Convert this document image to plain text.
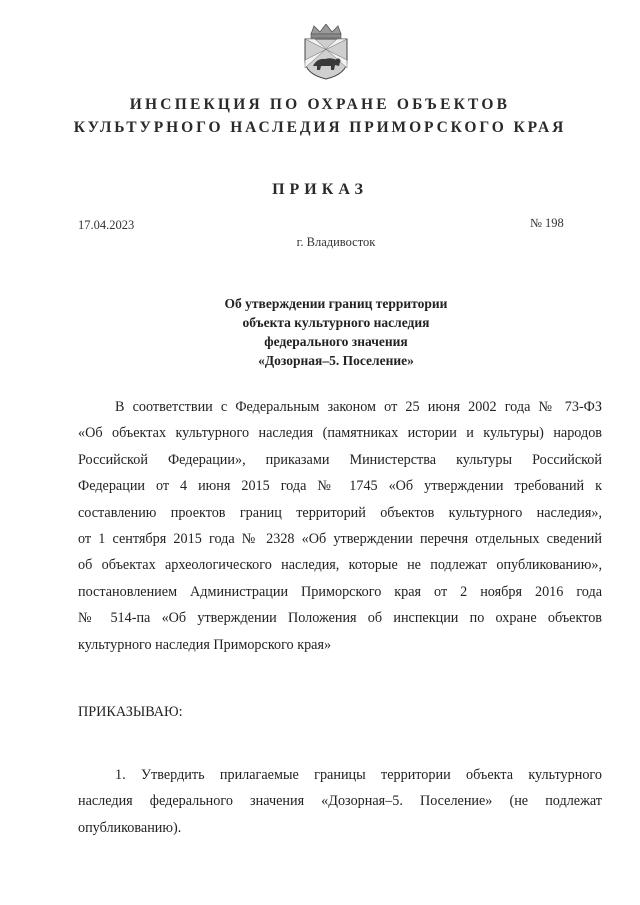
ИНСПЕКЦИЯ ПО ОХРАНЕ ОБЪЕКТОВ
КУЛЬТУРНОГО НАСЛЕДИЯ ПРИМОРСКОГО КРАЯ
ПРИКАЗ
17.04.2023	№ 198
г. Владивосток
Об утверждении границ территории
объекта культурного наследия
федерального значения
«Дозорная–5. Поселение»
В соответствии с Федеральным законом от 25 июня 2002 года № 73-ФЗ
«Об объектах культурного наследия (памятниках истории и культуры) народов
Российской Федерации», приказами Министерства культуры Российской
Федерации от 4 июня 2015 года № 1745 «Об утверждении требований к
составлению проектов границ территорий объектов культурного наследия»,
от 1 сентября 2015 года № 2328 «Об утверждении перечня отдельных сведений
об объектах археологического наследия, которые не подлежат опубликованию»,
постановлением Администрации Приморского края от 2 ноября 2016 года
№ 514-па «Об утверждении Положения об инспекции по охране объектов
культурного наследия Приморского края»
ПРИКАЗЫВАЮ:
1. Утвердить прилагаемые границы территории объекта культурного
наследия федерального значения «Дозорная–5. Поселение» (не подлежат
опубликованию).
